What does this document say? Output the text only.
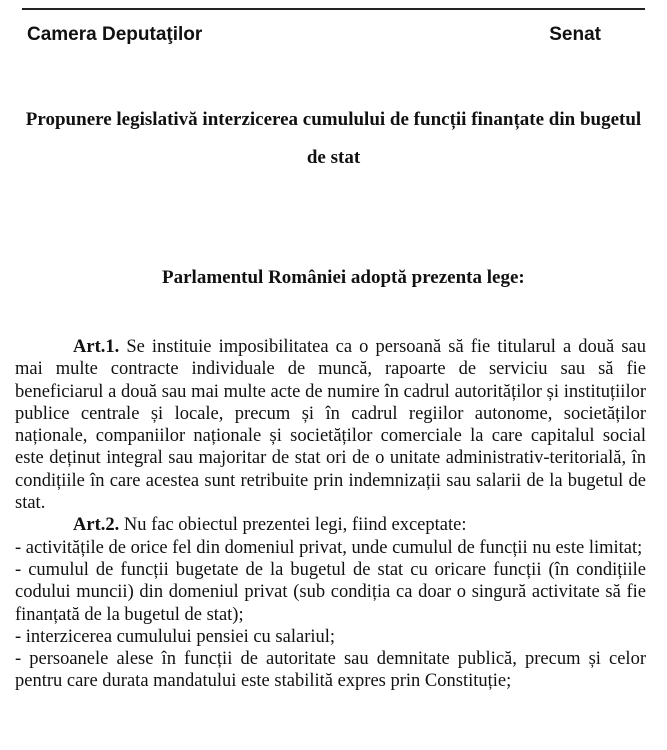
Camera Deputaţilor	Senat
Propunere legislativă interzicerea cumulului de funcții finanțate din bugetul de stat
Parlamentul României adoptă prezenta lege:

Art.1. Se instituie imposibilitatea ca o persoană să fie titularul a două sau mai multe contracte individuale de muncă, rapoarte de serviciu sau să fie beneficiarul a două sau mai multe acte de numire în cadrul autorităților și instituțiilor publice centrale și locale, precum și în cadrul regiilor autonome, societăților naționale, companiilor naționale și societăților comerciale la care capitalul social este deținut integral sau majoritar de stat ori de o unitate administrativ-teritorială, în condițiile în care acestea sunt retribuite prin indemnizații sau salarii de la bugetul de stat.

Art.2. Nu fac obiectul prezentei legi, fiind exceptate:

- activitățile de orice fel din domeniul privat, unde cumulul de funcții nu este limitat;

- cumulul de funcții bugetate de la bugetul de stat cu oricare funcții (în condițiile codului muncii) din domeniul privat (sub condiția ca doar o singură activitate să fie finanțată de la bugetul de stat);

- interzicerea cumulului pensiei cu salariul;

- persoanele alese în funcții de autoritate sau demnitate publică, precum și celor pentru care durata mandatului este stabilită expres prin Constituție;
